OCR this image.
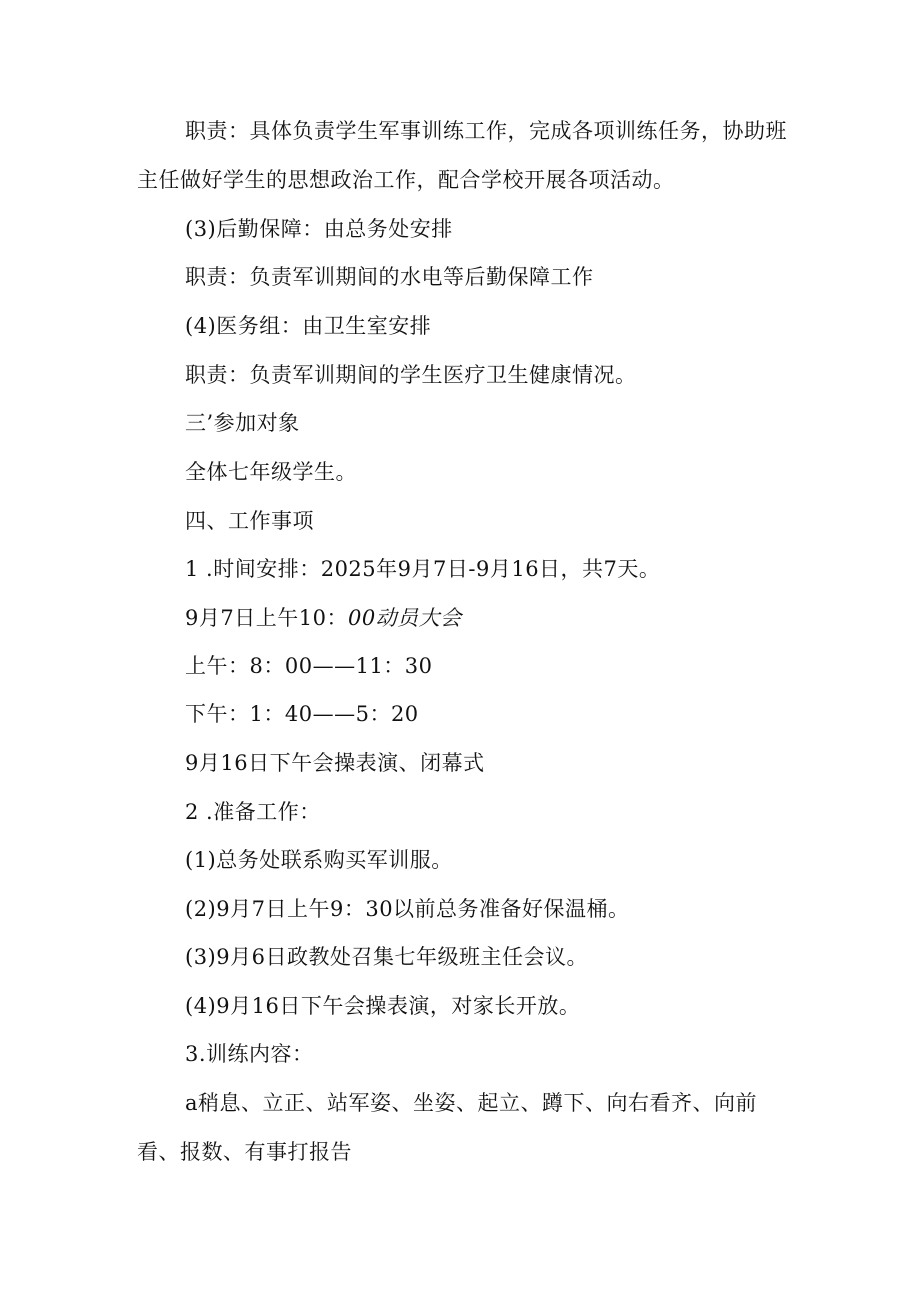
职责：具体负责学生军事训练工作，完成各项训练任务，协助班
主任做好学生的思想政治工作，配合学校开展各项活动。
(3)后勤保障：由总务处安排
职责：负责军训期间的水电等后勤保障工作
(4)医务组：由卫生室安排
职责：负责军训期间的学生医疗卫生健康情况。
三’参加对象
全体七年级学生。
四、工作事项
1 .时间安排：2025年9月7日-9月16日，共7天。
9月7日上午10：00动员大会
上午：8：00——11：30
下午：1：40——5：20
9月16日下午会操表演、闭幕式
2 .准备工作：
(1)总务处联系购买军训服。
(2)9月7日上午9：30以前总务准备好保温桶。
(3)9月6日政教处召集七年级班主任会议。
(4)9月16日下午会操表演，对家长开放。
3.训练内容：
a稍息、立正、站军姿、坐姿、起立、蹲下、向右看齐、向前
看、报数、有事打报告
